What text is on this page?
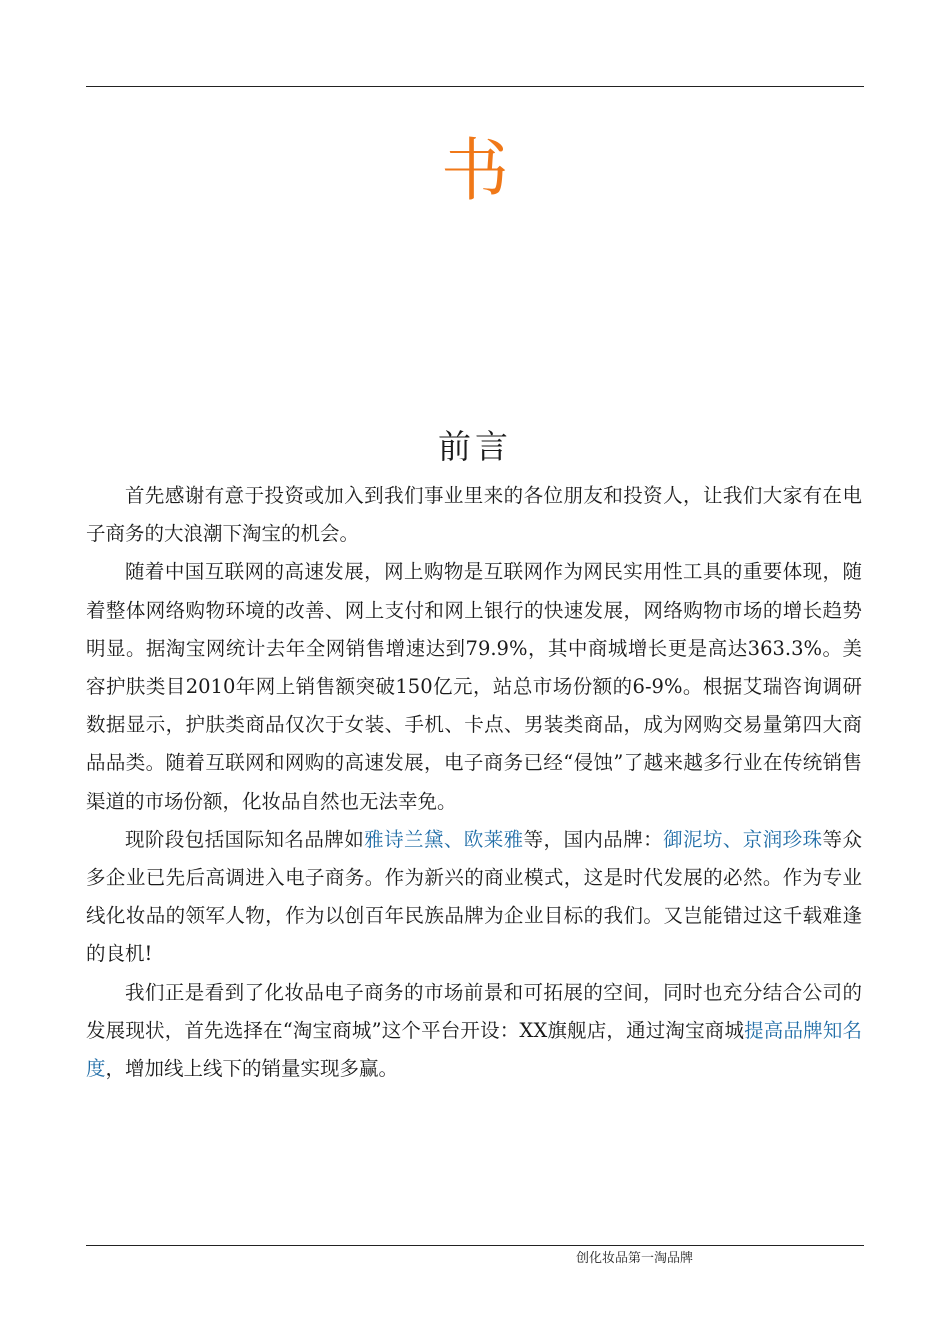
书
前言

首先感谢有意于投资或加入到我们事业里来的各位朋友和投资人，让我们大家有在电子商务的大浪潮下淘宝的机会。

随着中国互联网的高速发展，网上购物是互联网作为网民实用性工具的重要体现，随着整体网络购物环境的改善、网上支付和网上银行的快速发展，网络购物市场的增长趋势明显。据淘宝网统计去年全网销售增速达到79.9%，其中商城增长更是高达363.3%。美容护肤类目2010年网上销售额突破150亿元，站总市场份额的6-9%。根据艾瑞咨询调研数据显示，护肤类商品仅次于女装、手机、卡点、男装类商品，成为网购交易量第四大商品品类。随着互联网和网购的高速发展，电子商务已经“侵蚀”了越来越多行业在传统销售渠道的市场份额，化妆品自然也无法幸免。

现阶段包括国际知名品牌如雅诗兰黛、欧莱雅等，国内品牌：御泥坊、京润珍珠等众多企业已先后高调进入电子商务。作为新兴的商业模式，这是时代发展的必然。作为专业线化妆品的领军人物，作为以创百年民族品牌为企业目标的我们。又岂能错过这千载难逢的良机!

我们正是看到了化妆品电子商务的市场前景和可拓展的空间，同时也充分结合公司的发展现状，首先选择在“淘宝商城”这个平台开设：XX旗舰店，通过淘宝商城提高品牌知名度，增加线上线下的销量实现多赢。

创化妆品第一淘品牌
